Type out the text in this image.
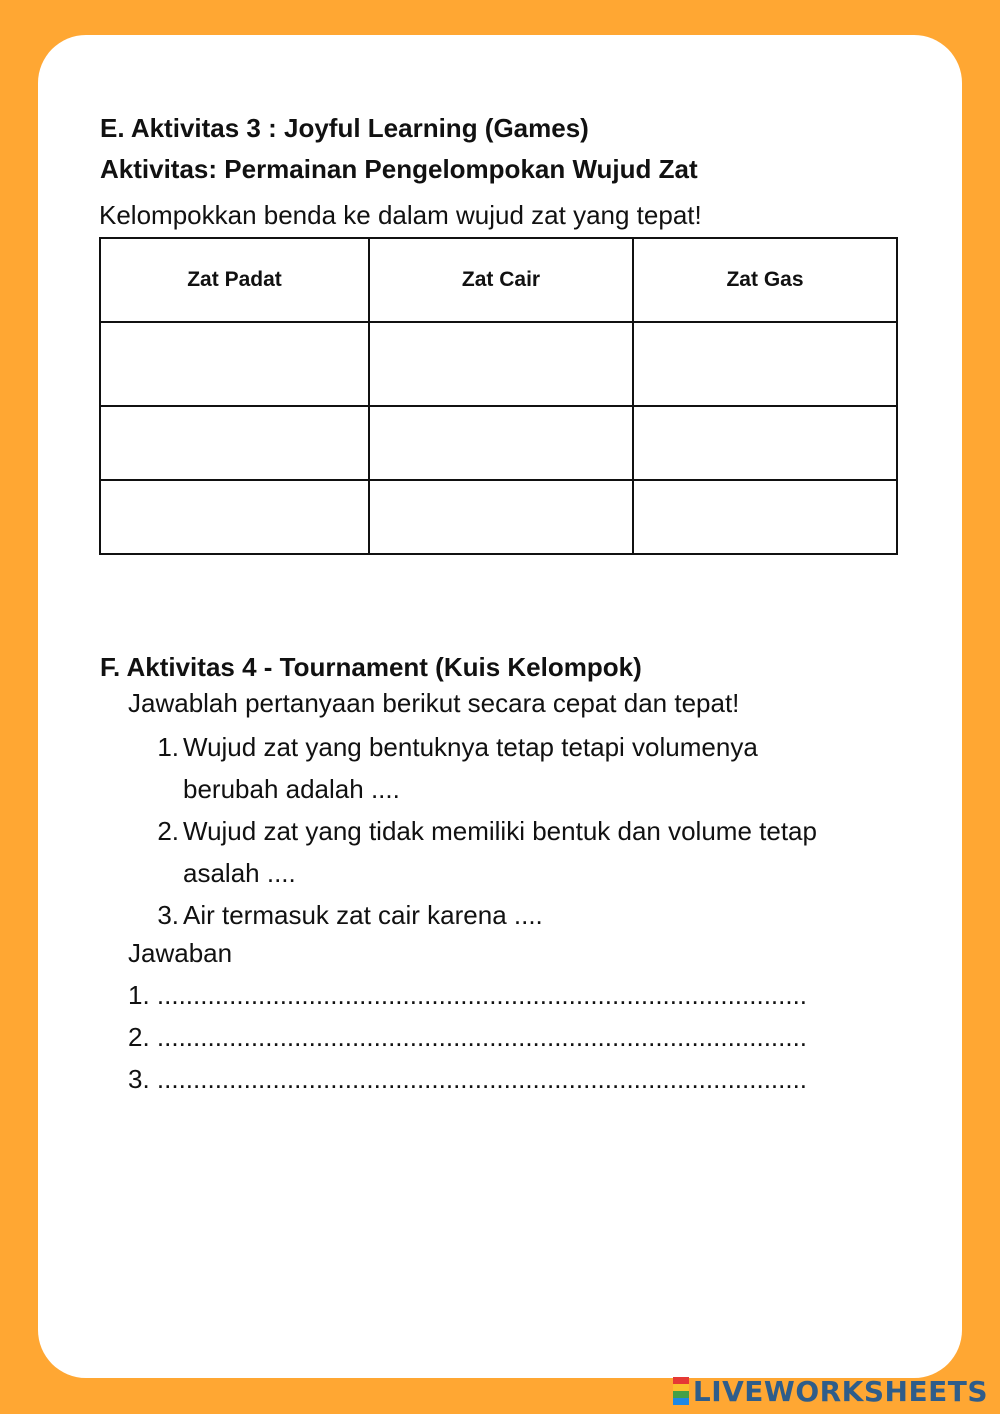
E. Aktivitas 3 : Joyful Learning (Games)
Aktivitas: Permainan Pengelompokan Wujud Zat
Kelompokkan benda ke dalam wujud zat yang tepat!
Zat Padat	Zat Cair	Zat Gas

F. Aktivitas 4 - Tournament (Kuis Kelompok)
Jawablah pertanyaan berikut secara cepat dan tepat!
1. Wujud zat yang bentuknya tetap tetapi volumenya
berubah adalah ....
2. Wujud zat yang tidak memiliki bentuk dan volume tetap
asalah ....
3. Air termasuk zat cair karena ....
Jawaban
1. ..........................................................................................
2. ..........................................................................................
3. ..........................................................................................
LIVEWORKSHEETS
